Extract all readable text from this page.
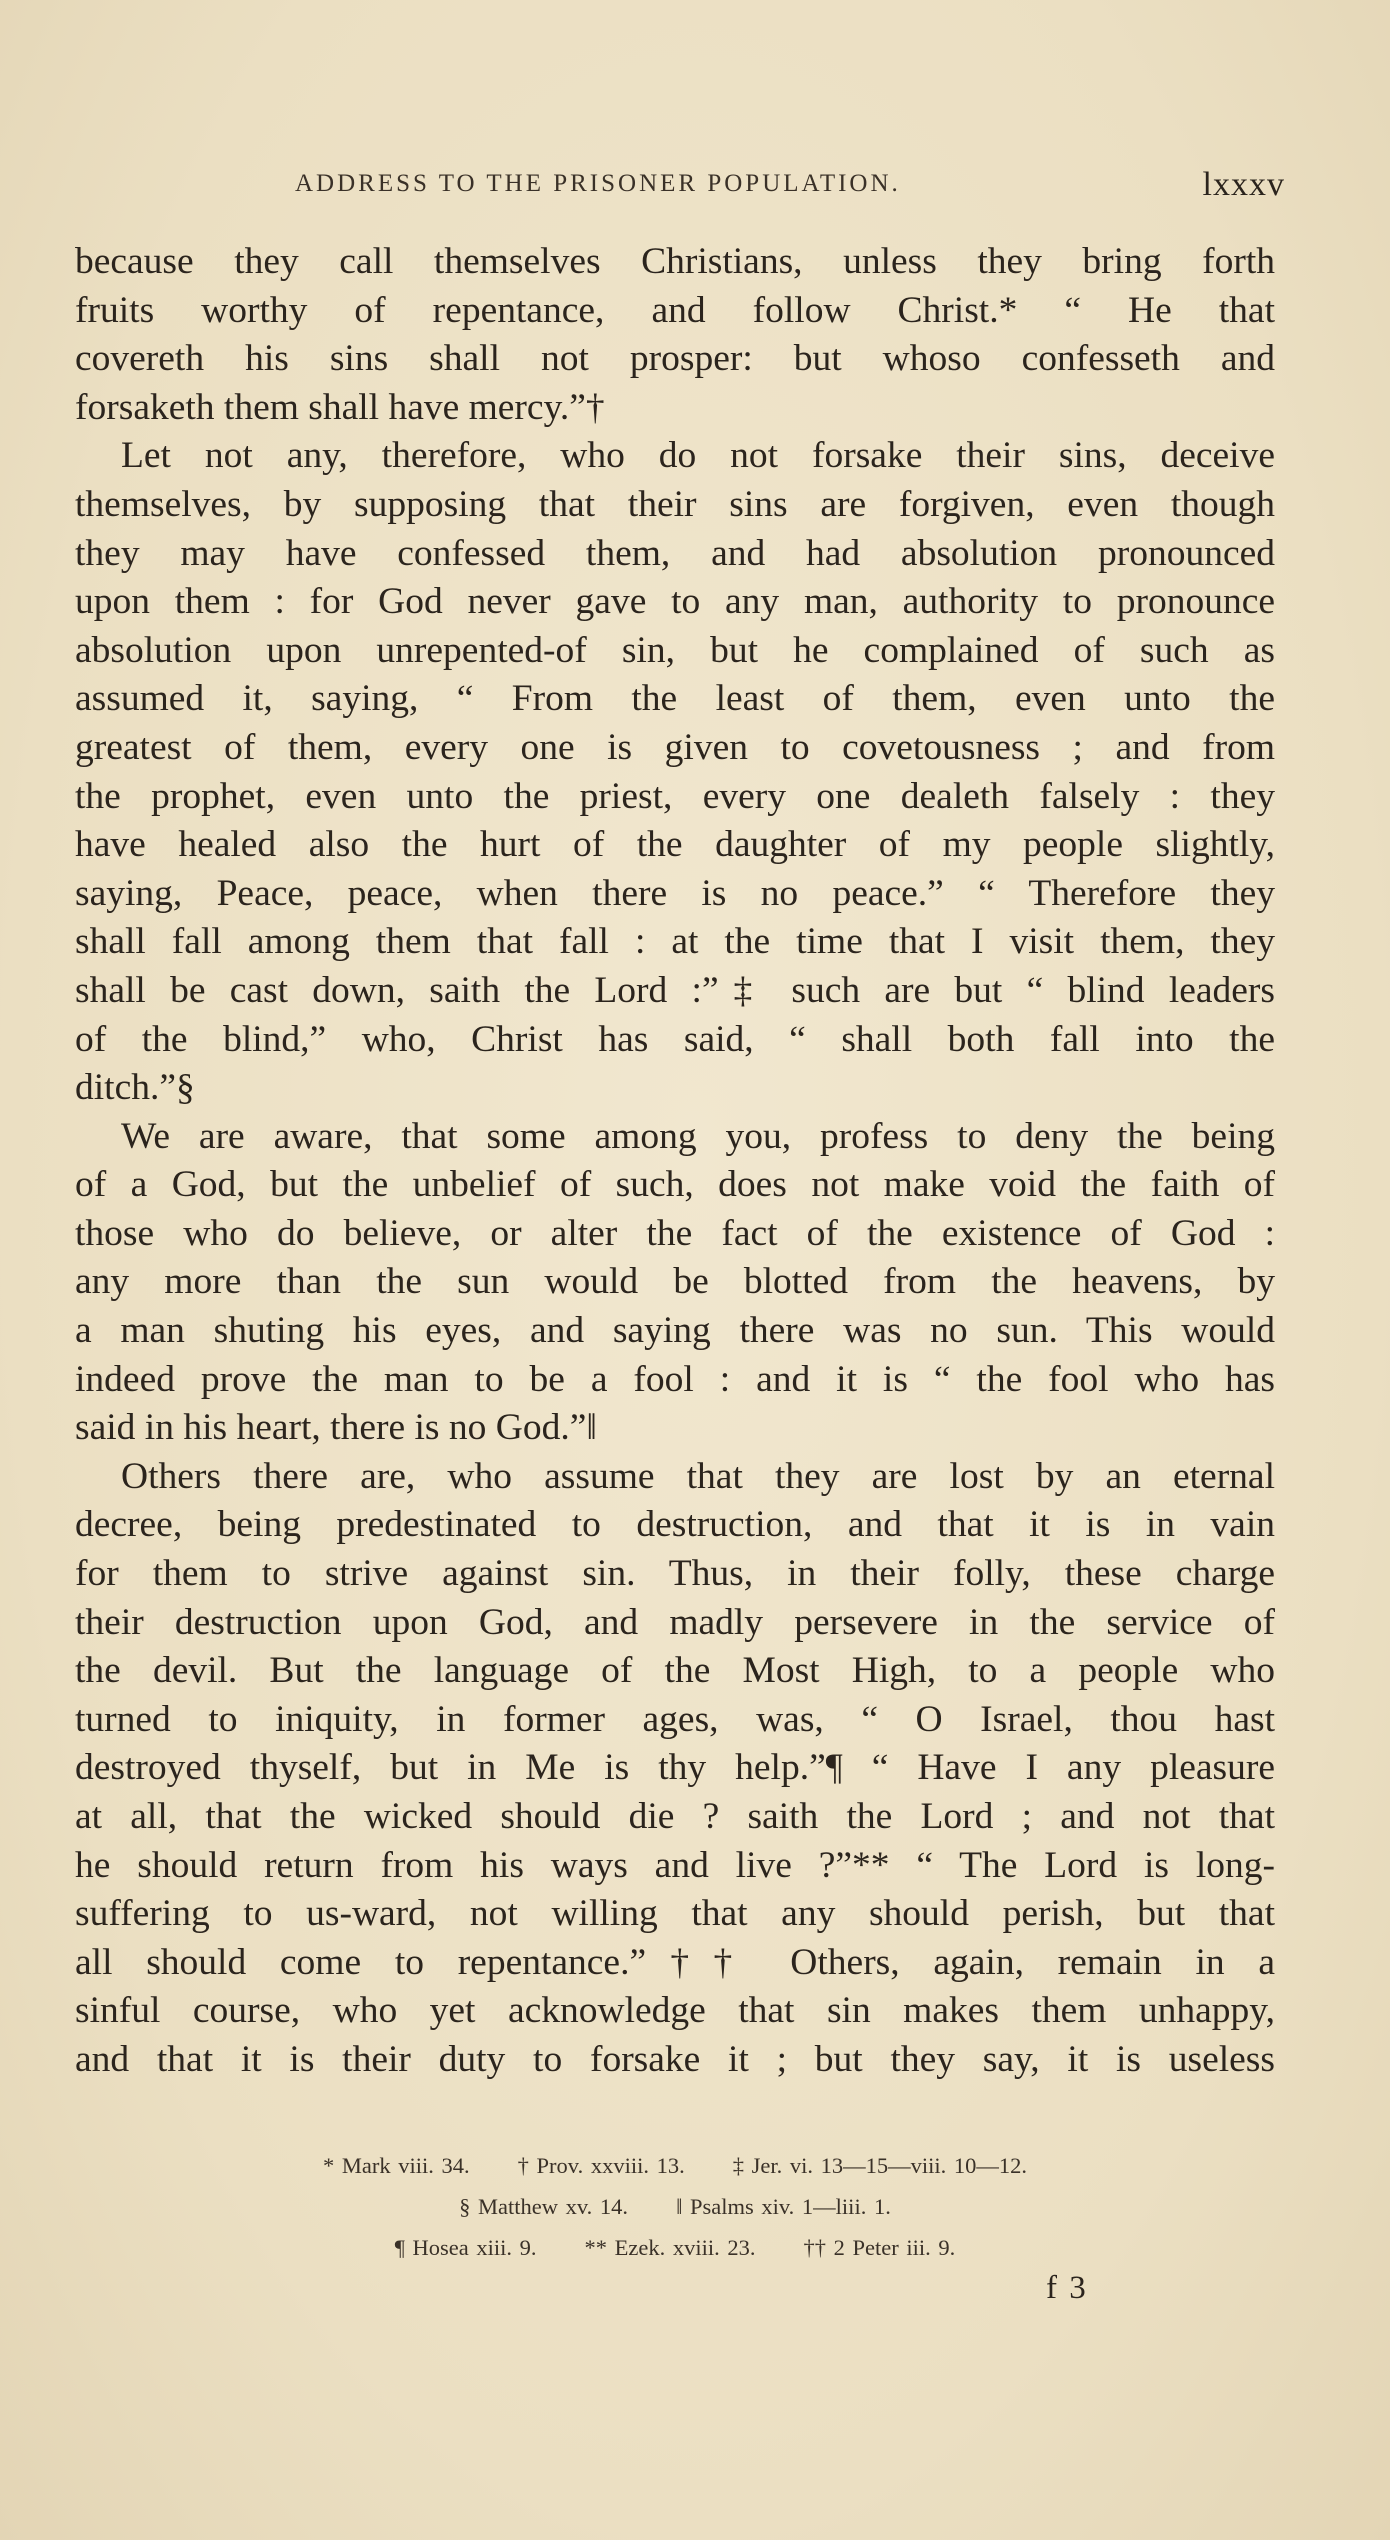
ADDRESS TO THE PRISONER POPULATION.	lxxxv
because they call themselves Christians, unless they bring forth
fruits worthy of repentance, and follow Christ.* “ He that
covereth his sins shall not prosper: but whoso confesseth and
forsaketh them shall have mercy.”†
Let not any, therefore, who do not forsake their sins, deceive
themselves, by supposing that their sins are forgiven, even though
they may have confessed them, and had absolution pronounced
upon them : for God never gave to any man, authority to pronounce
absolution upon unrepented-of sin, but he complained of such as
assumed it, saying, “ From the least of them, even unto the
greatest of them, every one is given to covetousness ; and from
the prophet, even unto the priest, every one dealeth falsely : they
have healed also the hurt of the daughter of my people slightly,
saying, Peace, peace, when there is no peace.” “ Therefore they
shall fall among them that fall : at the time that I visit them, they
shall be cast down, saith the Lord :”‡ such are but “ blind leaders
of the blind,” who, Christ has said, “ shall both fall into the
ditch.”§
We are aware, that some among you, profess to deny the being
of a God, but the unbelief of such, does not make void the faith of
those who do believe, or alter the fact of the existence of God :
any more than the sun would be blotted from the heavens, by
a man shuting his eyes, and saying there was no sun. This would
indeed prove the man to be a fool : and it is “ the fool who has
said in his heart, there is no God.”‖
Others there are, who assume that they are lost by an eternal
decree, being predestinated to destruction, and that it is in vain
for them to strive against sin. Thus, in their folly, these charge
their destruction upon God, and madly persevere in the service of
the devil. But the language of the Most High, to a people who
turned to iniquity, in former ages, was, “ O Israel, thou hast
destroyed thyself, but in Me is thy help.”¶ “ Have I any pleasure
at all, that the wicked should die ? saith the Lord ; and not that
he should return from his ways and live ?”** “ The Lord is long-
suffering to us-ward, not willing that any should perish, but that
all should come to repentance.”†† Others, again, remain in a
sinful course, who yet acknowledge that sin makes them unhappy,
and that it is their duty to forsake it ; but they say, it is useless
* Mark viii. 34. † Prov. xxviii. 13. ‡ Jer. vi. 13—15—viii. 10—12.
§ Matthew xv. 14. ‖ Psalms xiv. 1—liii. 1.
¶ Hosea xiii. 9. ** Ezek. xviii. 23. †† 2 Peter iii. 9.
f 3
